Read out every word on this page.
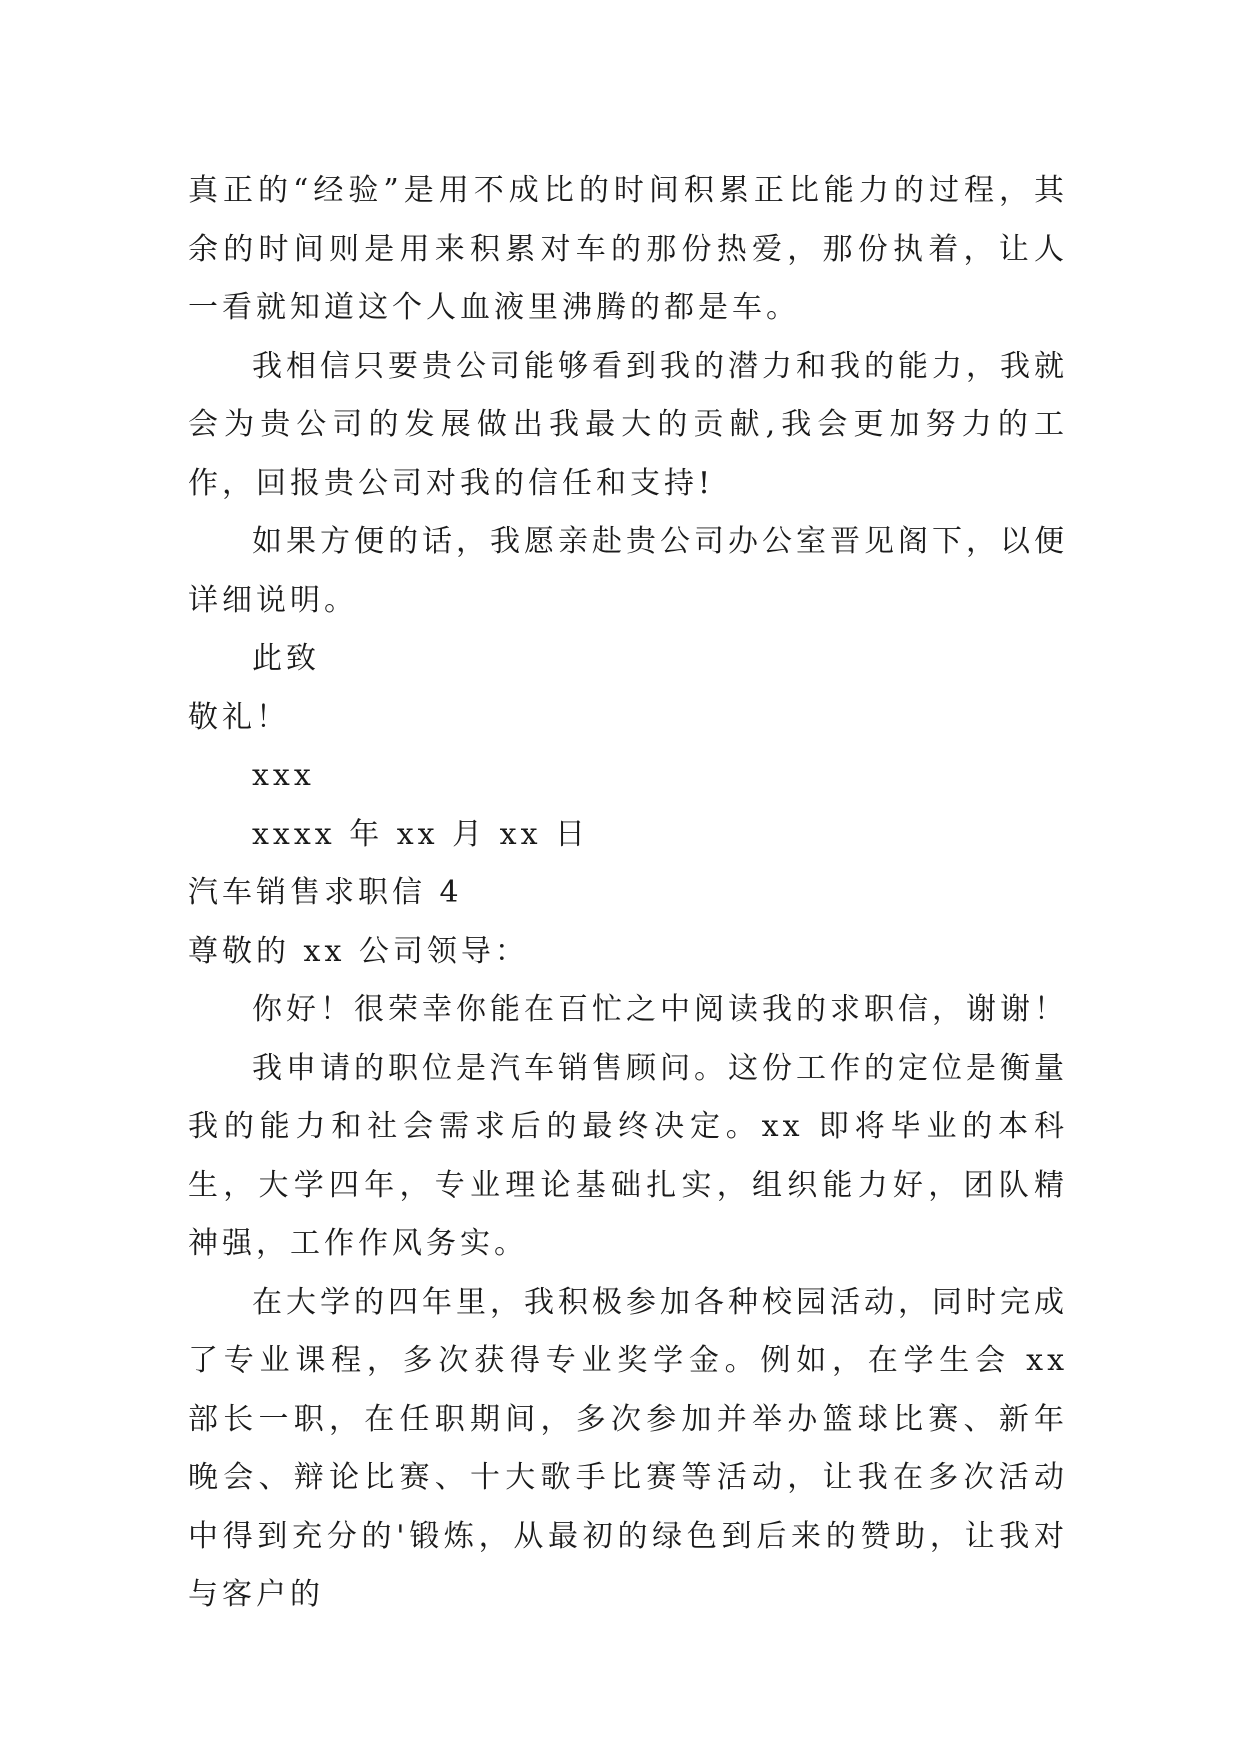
真正的“经验”是用不成比的时间积累正比能力的过程，其余的时间则是用来积累对车的那份热爱，那份执着，让人一看就知道这个人血液里沸腾的都是车。

我相信只要贵公司能够看到我的潜力和我的能力，我就会为贵公司的发展做出我最大的贡献,我会更加努力的工作，回报贵公司对我的信任和支持!

如果方便的话，我愿亲赴贵公司办公室晋见阁下，以便详细说明。

此致

敬礼！

xxx

xxxx 年 xx 月 xx 日

汽车销售求职信 4

尊敬的 xx 公司领导：

你好！很荣幸你能在百忙之中阅读我的求职信，谢谢！

我申请的职位是汽车销售顾问。这份工作的定位是衡量我的能力和社会需求后的最终决定。xx 即将毕业的本科生，大学四年，专业理论基础扎实，组织能力好，团队精神强，工作作风务实。

在大学的四年里，我积极参加各种校园活动，同时完成了专业课程，多次获得专业奖学金。例如，在学生会 xx 部长一职，在任职期间，多次参加并举办篮球比赛、新年晚会、辩论比赛、十大歌手比赛等活动，让我在多次活动中得到充分的'锻炼，从最初的绿色到后来的赞助，让我对与客户的
